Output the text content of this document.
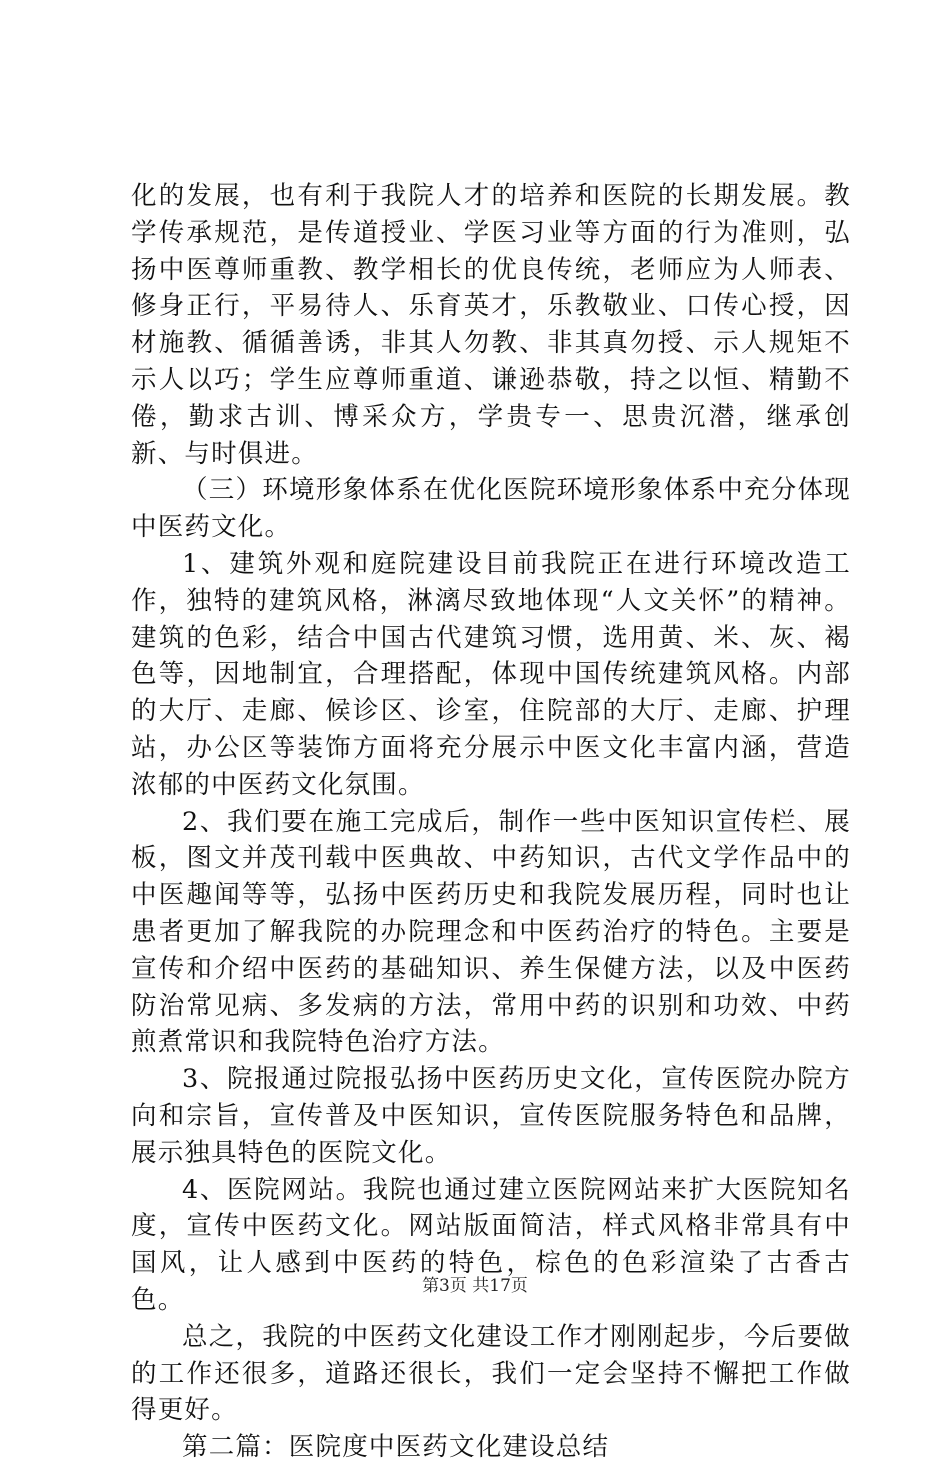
化的发展，也有利于我院人才的培养和医院的长期发展。教学传承规范，是传道授业、学医习业等方面的行为准则，弘扬中医尊师重教、教学相长的优良传统，老师应为人师表、修身正行，平易待人、乐育英才，乐教敬业、口传心授，因材施教、循循善诱，非其人勿教、非其真勿授、示人规矩不示人以巧；学生应尊师重道、谦逊恭敬，持之以恒、精勤不倦，勤求古训、博采众方，学贵专一、思贵沉潜，继承创新、与时俱进。

（三）环境形象体系在优化医院环境形象体系中充分体现中医药文化。

1、建筑外观和庭院建设目前我院正在进行环境改造工作，独特的建筑风格，淋漓尽致地体现“人文关怀”的精神。建筑的色彩，结合中国古代建筑习惯，选用黄、米、灰、褐色等，因地制宜，合理搭配，体现中国传统建筑风格。内部的大厅、走廊、候诊区、诊室，住院部的大厅、走廊、护理站，办公区等装饰方面将充分展示中医文化丰富内涵，营造浓郁的中医药文化氛围。

2、我们要在施工完成后，制作一些中医知识宣传栏、展板，图文并茂刊载中医典故、中药知识，古代文学作品中的中医趣闻等等，弘扬中医药历史和我院发展历程，同时也让患者更加了解我院的办院理念和中医药治疗的特色。主要是宣传和介绍中医药的基础知识、养生保健方法，以及中医药防治常见病、多发病的方法，常用中药的识别和功效、中药煎煮常识和我院特色治疗方法。

3、院报通过院报弘扬中医药历史文化，宣传医院办院方向和宗旨，宣传普及中医知识，宣传医院服务特色和品牌，展示独具特色的医院文化。

4、医院网站。我院也通过建立医院网站来扩大医院知名度，宣传中医药文化。网站版面简洁，样式风格非常具有中国风，让人感到中医药的特色，棕色的色彩渲染了古香古色。

总之，我院的中医药文化建设工作才刚刚起步，今后要做的工作还很多，道路还很长，我们一定会坚持不懈把工作做得更好。

第二篇：医院度中医药文化建设总结

第3页 共17页
